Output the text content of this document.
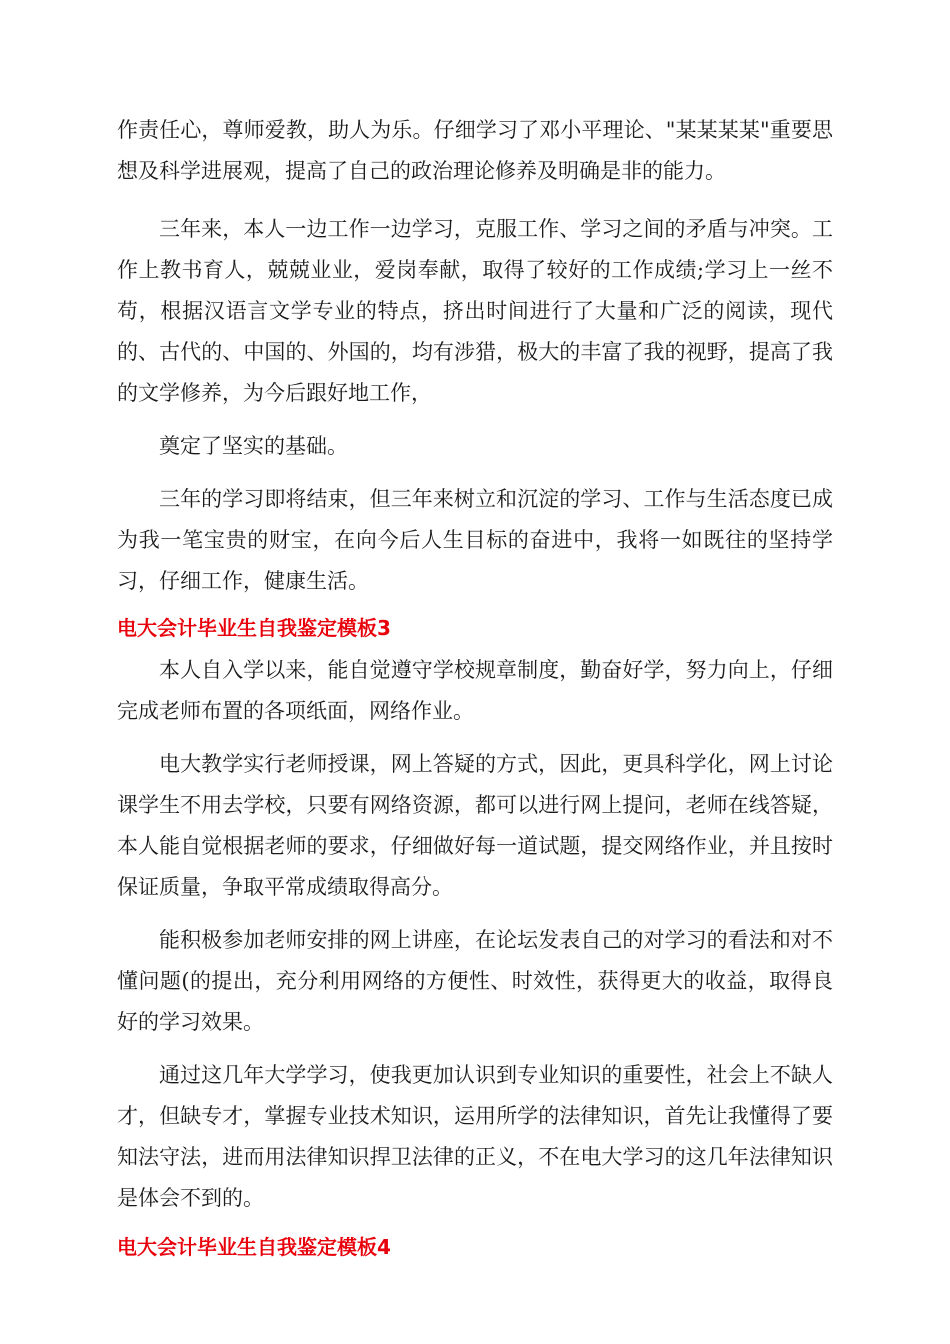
作责任心，尊师爱教，助人为乐。仔细学习了邓小平理论、"某某某某"重要思想及科学进展观，提高了自己的政治理论修养及明确是非的能力。

三年来，本人一边工作一边学习，克服工作、学习之间的矛盾与冲突。工作上教书育人，兢兢业业，爱岗奉献，取得了较好的工作成绩;学习上一丝不苟，根据汉语言文学专业的特点，挤出时间进行了大量和广泛的阅读，现代的、古代的、中国的、外国的，均有涉猎，极大的丰富了我的视野，提高了我的文学修养，为今后跟好地工作，

奠定了坚实的基础。

三年的学习即将结束，但三年来树立和沉淀的学习、工作与生活态度已成为我一笔宝贵的财宝，在向今后人生目标的奋进中，我将一如既往的坚持学习，仔细工作，健康生活。

电大会计毕业生自我鉴定模板3

本人自入学以来，能自觉遵守学校规章制度，勤奋好学，努力向上，仔细完成老师布置的各项纸面，网络作业。

电大教学实行老师授课，网上答疑的方式，因此，更具科学化，网上讨论课学生不用去学校，只要有网络资源，都可以进行网上提问，老师在线答疑，本人能自觉根据老师的要求，仔细做好每一道试题，提交网络作业，并且按时保证质量，争取平常成绩取得高分。

能积极参加老师安排的网上讲座，在论坛发表自己的对学习的看法和对不懂问题(的提出，充分利用网络的方便性、时效性，获得更大的收益，取得良好的学习效果。

通过这几年大学学习，使我更加认识到专业知识的重要性，社会上不缺人才，但缺专才，掌握专业技术知识，运用所学的法律知识，首先让我懂得了要知法守法，进而用法律知识捍卫法律的正义，不在电大学习的这几年法律知识是体会不到的。

电大会计毕业生自我鉴定模板4
